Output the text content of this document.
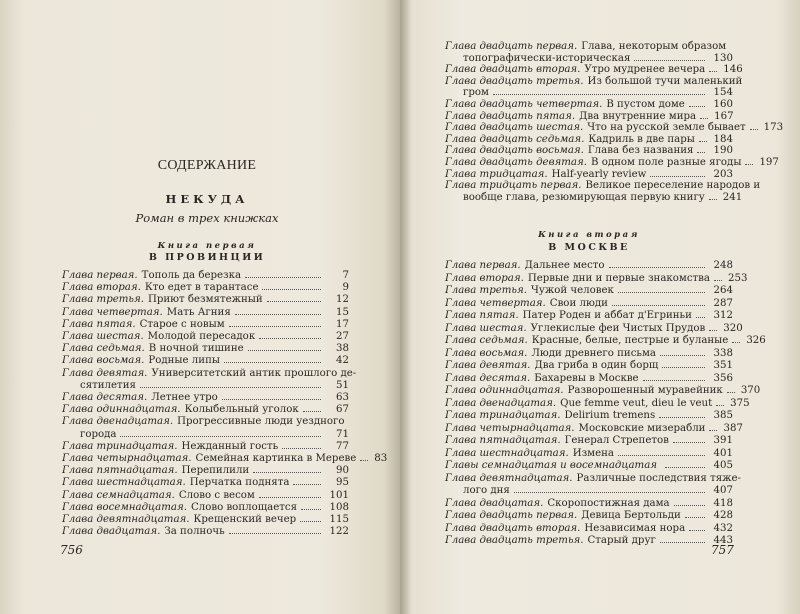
СОДЕРЖАНИЕ
НЕКУДА
Роман в трех книжках
Книга первая
В ПРОВИНЦИИ
Глава первая. Тополь да березка	7
Глава вторая. Кто едет в тарантасе	9
Глава третья. Приют безмятежный	12
Глава четвертая. Мать Агния	15
Глава пятая. Старое с новым	17
Глава шестая. Молодой пересадок	27
Глава седьмая. В ночной тишине	38
Глава восьмая. Родные липы	42
Глава девятая. Университетский антик прошлого де-
сятилетия	51
Глава десятая. Летнее утро	63
Глава одиннадцатая. Колыбельный уголок	67
Глава двенадцатая. Прогрессивные люди уездного
города	71
Глава тринадцатая. Нежданный гость	77
Глава четырнадцатая. Семейная картинка в Мереве 83
Глава пятнадцатая. Перепилили	90
Глава шестнадцатая. Перчатка поднята	95
Глава семнадцатая. Слово с весом	101
Глава восемнадцатая. Слово воплощается	108
Глава девятнадцатая. Крещенский вечер	115
Глава двадцатая. За полночь	122
756
Глава двадцать первая. Глава, некоторым образом
топографически-историческая	130
Глава двадцать вторая. Утро мудренее вечера 146
Глава двадцать третья. Из большой тучи маленький
гром	154
Глава двадцать четвертая. В пустом доме	160
Глава двадцать пятая. Два внутренние мира 167
Глава двадцать шестая. Что на русской земле бывает 173
Глава двадцать седьмая. Кадриль в две пары 184
Глава двадцать восьмая. Глава без названия 190
Глава двадцать девятая. В одном поле разные ягоды 197
Глава тридцатая. Half-yearly review	203
Глава тридцать первая. Великое переселение народов и
вообще глава, резюмирующая первую книгу 241
Книга вторая
В МОСКВЕ
Глава первая. Дальнее место	248
Глава вторая. Первые дни и первые знакомства 253
Глава третья. Чужой человек	264
Глава четвертая. Свои люди	287
Глава пятая. Патер Роден и аббат д'Егриньи 312
Глава шестая. Углекислые феи Чистых Прудов 320
Глава седьмая. Красные, белые, пестрые и буланые 326
Глава восьмая. Люди древнего письма	338
Глава девятая. Два гриба в один борщ	351
Глава десятая. Бахаревы в Москве	356
Глава одиннадцатая. Разворошенный муравейник 370
Глава двенадцатая. Que femme veut, dieu le veut 375
Глава тринадцатая. Delirium tremens	385
Глава четырнадцатая. Московские мизерабли 387
Глава пятнадцатая. Генерал Стрепетов	391
Глава шестнадцатая. Измена	401
Главы семнадцатая и восемнадцатая	405
Глава девятнадцатая. Различные последствия тяже-
лого дня	407
Глава двадцатая. Скоропостижная дама	418
Глава двадцать первая. Девица Бертольди	428
Глава двадцать вторая. Независимая нора	432
Глава двадцать третья. Старый друг	443
757
